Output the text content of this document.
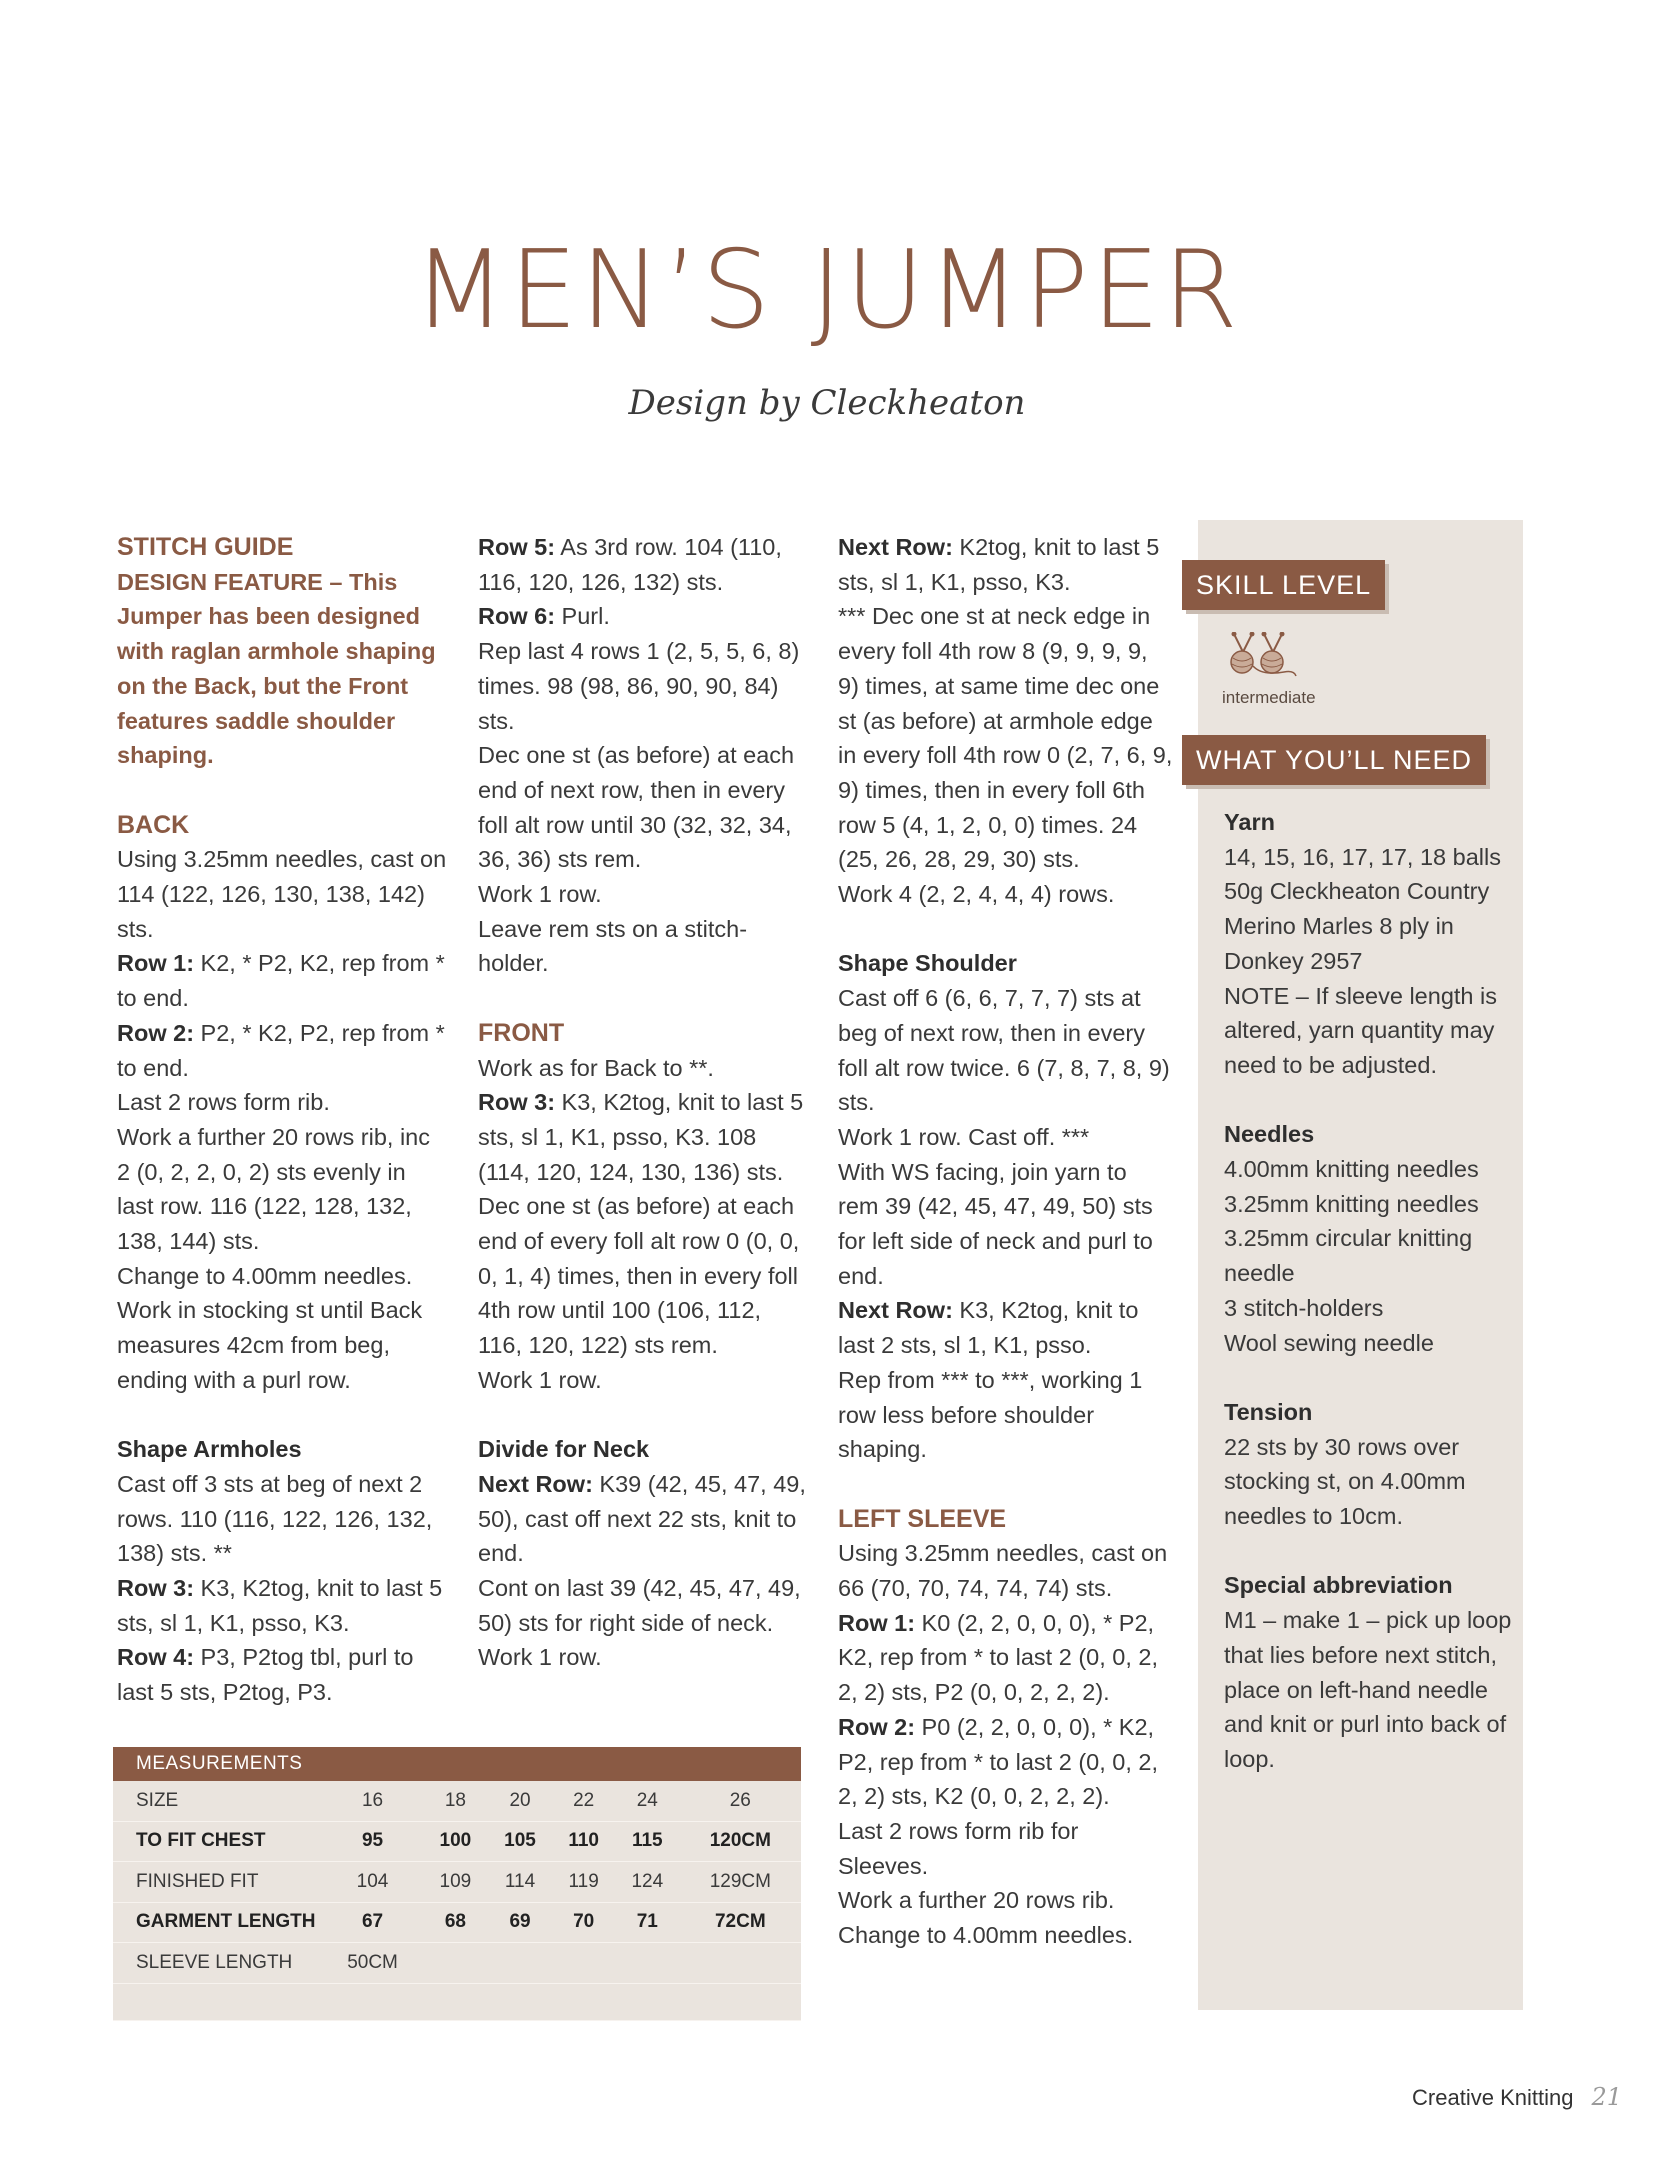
MEN’S JUMPER
Design by Cleckheaton

STITCH GUIDE

DESIGN FEATURE – This Jumper has been designed with raglan armhole shaping on the Back, but the Front features saddle shoulder shaping.

BACK

Using 3.25mm needles, cast on 114 (122, 126, 130, 138, 142) sts.

Row 1: K2, * P2, K2, rep from * to end.

Row 2: P2, * K2, P2, rep from * to end.

Last 2 rows form rib.

Work a further 20 rows rib, inc 2 (0, 2, 2, 0, 2) sts evenly in last row. 116 (122, 128, 132, 138, 144) sts.

Change to 4.00mm needles.

Work in stocking st until Back measures 42cm from beg, ending with a purl row.

Shape Armholes

Cast off 3 sts at beg of next 2 rows. 110 (116, 122, 126, 132, 138) sts. **

Row 3: K3, K2tog, knit to last 5 sts, sl 1, K1, psso, K3.

Row 4: P3, P2tog tbl, purl to last 5 sts, P2tog, P3.

Row 5: As 3rd row. 104 (110, 116, 120, 126, 132) sts.

Row 6: Purl.

Rep last 4 rows 1 (2, 5, 5, 6, 8) times. 98 (98, 86, 90, 90, 84) sts.

Dec one st (as before) at each end of next row, then in every foll alt row until 30 (32, 32, 34, 36, 36) sts rem.

Work 1 row.

Leave rem sts on a stitch-holder.

FRONT

Work as for Back to **.

Row 3: K3, K2tog, knit to last 5 sts, sl 1, K1, psso, K3. 108 (114, 120, 124, 130, 136) sts.

Dec one st (as before) at each end of every foll alt row 0 (0, 0, 0, 1, 4) times, then in every foll 4th row until 100 (106, 112, 116, 120, 122) sts rem.

Work 1 row.

Divide for Neck

Next Row: K39 (42, 45, 47, 49, 50), cast off next 22 sts, knit to end.

Cont on last 39 (42, 45, 47, 49, 50) sts for right side of neck.

Work 1 row.

Next Row: K2tog, knit to last 5 sts, sl 1, K1, psso, K3.

*** Dec one st at neck edge in every foll 4th row 8 (9, 9, 9, 9, 9) times, at same time dec one st (as before) at armhole edge in every foll 4th row 0 (2, 7, 6, 9, 9) times, then in every foll 6th row 5 (4, 1, 2, 0, 0) times. 24 (25, 26, 28, 29, 30) sts.

Work 4 (2, 2, 4, 4, 4) rows.

Shape Shoulder

Cast off 6 (6, 6, 7, 7, 7) sts at beg of next row, then in every foll alt row twice. 6 (7, 8, 7, 8, 9) sts.

Work 1 row. Cast off. ***

With WS facing, join yarn to rem 39 (42, 45, 47, 49, 50) sts for left side of neck and purl to end.

Next Row: K3, K2tog, knit to last 2 sts, sl 1, K1, psso.

Rep from *** to ***, working 1 row less before shoulder shaping.

LEFT SLEEVE

Using 3.25mm needles, cast on 66 (70, 70, 74, 74, 74) sts.

Row 1: K0 (2, 2, 0, 0, 0), * P2, K2, rep from * to last 2 (0, 0, 2, 2, 2) sts, P2 (0, 0, 2, 2, 2).

Row 2: P0 (2, 2, 0, 0, 0), * K2, P2, rep from * to last 2 (0, 0, 2, 2, 2) sts, K2 (0, 0, 2, 2, 2).

Last 2 rows form rib for Sleeves.

Work a further 20 rows rib.

Change to 4.00mm needles.

SKILL LEVEL
intermediate
WHAT YOU’LL NEED

Yarn

14, 15, 16, 17, 17, 18 balls 50g Cleckheaton Country Merino Marles 8 ply in Donkey 2957

NOTE – If sleeve length is altered, yarn quantity may need to be adjusted.

Needles

4.00mm knitting needles

3.25mm knitting needles

3.25mm circular knitting needle

3 stitch-holders

Wool sewing needle

Tension

22 sts by 30 rows over stocking st, on 4.00mm needles to 10cm.

Special abbreviation

M1 – make 1 – pick up loop that lies before next stitch, place on left-hand needle and knit or purl into back of loop.

MEASUREMENTS
SIZE	16	18	20	22	24	26
TO FIT CHEST	95	100	105	110	115	120CM
FINISHED FIT	104	109	114	119	124	129CM
GARMENT LENGTH	67	68	69	70	71	72CM
SLEEVE LENGTH	50CM					

Creative Knitting 21
